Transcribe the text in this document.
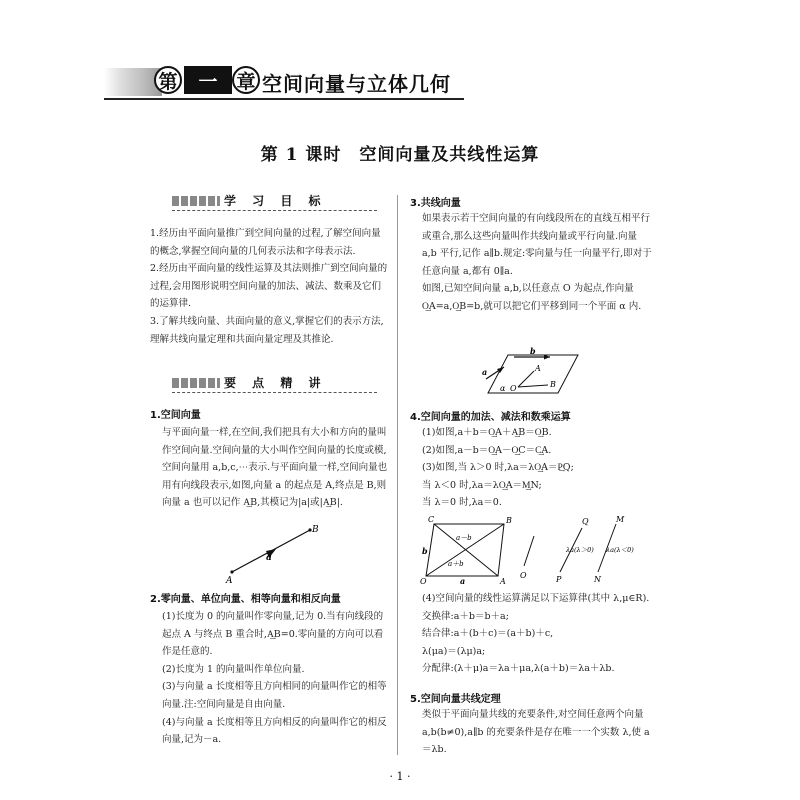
第	一 章 空间向量与立体几何
第 1 课时　空间向量及共线性运算
学 习 目 标
1.经历由平面向量推广到空间向量的过程,了解空间向量的概念,掌握空间向量的几何表示法和字母表示法.
2.经历由平面向量的线性运算及其法则推广到空间向量的过程,会用图形说明空间向量的加法、减法、数乘及它们的运算律.
3.了解共线向量、共面向量的意义,掌握它们的表示方法,理解共线向量定理和共面向量定理及其推论.
要 点 精 讲
1.空间向量
与平面向量一样,在空间,我们把具有大小和方向的量叫作空间向量.空间向量的大小叫作空间向量的长度或模,空间向量用 a,b,c,⋯表示.与平面向量一样,空间向量也用有向线段表示,如图,向量 a 的起点是 A,终点是 B,则向量 a 也可以记作 A͢B,其模记为|a|或|A͢B|.
A
B
a
2.零向量、单位向量、相等向量和相反向量
(1)长度为 0 的向量叫作零向量,记为 0.当有向线段的起点 A 与终点 B 重合时,A͢B=0.零向量的方向可以看作是任意的.
(2)长度为 1 的向量叫作单位向量.
(3)与向量 a 长度相等且方向相同的向量叫作它的相等向量.注:空间向量是自由向量.
(4)与向量 a 长度相等且方向相反的向量叫作它的相反向量,记为－a.
3.共线向量
如果表示若干空间向量的有向线段所在的直线互相平行或重合,那么这些向量叫作共线向量或平行向量.向量 a,b 平行,记作 a∥b.规定:零向量与任一向量平行,即对于任意向量 a,都有 0∥a.
如图,已知空间向量 a,b,以任意点 O 为起点,作向量 O͢A=a,O͢B=b,就可以把它们平移到同一个平面 α 内.
b
a	A
B
O
α
4.空间向量的加法、减法和数乘运算
(1)如图,a＋b＝O͢A＋A͢B＝O͢B.
(2)如图,a－b＝O͢A－O͢C＝C͢A.
(3)如图,当 λ＞0 时,λa＝λO͢A＝P͢Q;
当 λ＜0 时,λa＝λO͢A＝M͢N;
当 λ＝0 时,λa＝0.
C	B
O	A
a
b
a－b
a＋b
O	P
Q
λa(λ＞0)
M
N
λa(λ＜0)
(4)空间向量的线性运算满足以下运算律(其中 λ,μ∈R).
交换律:a＋b＝b＋a;
结合律:a＋(b＋c)＝(a＋b)＋c,
λ(μa)＝(λμ)a;
分配律:(λ＋μ)a＝λa＋μa,λ(a＋b)＝λa＋λb.
5.空间向量共线定理
类似于平面向量共线的充要条件,对空间任意两个向量 a,b(b≠0),a∥b 的充要条件是存在唯一一个实数 λ,使 a＝λb.
· 1 ·
